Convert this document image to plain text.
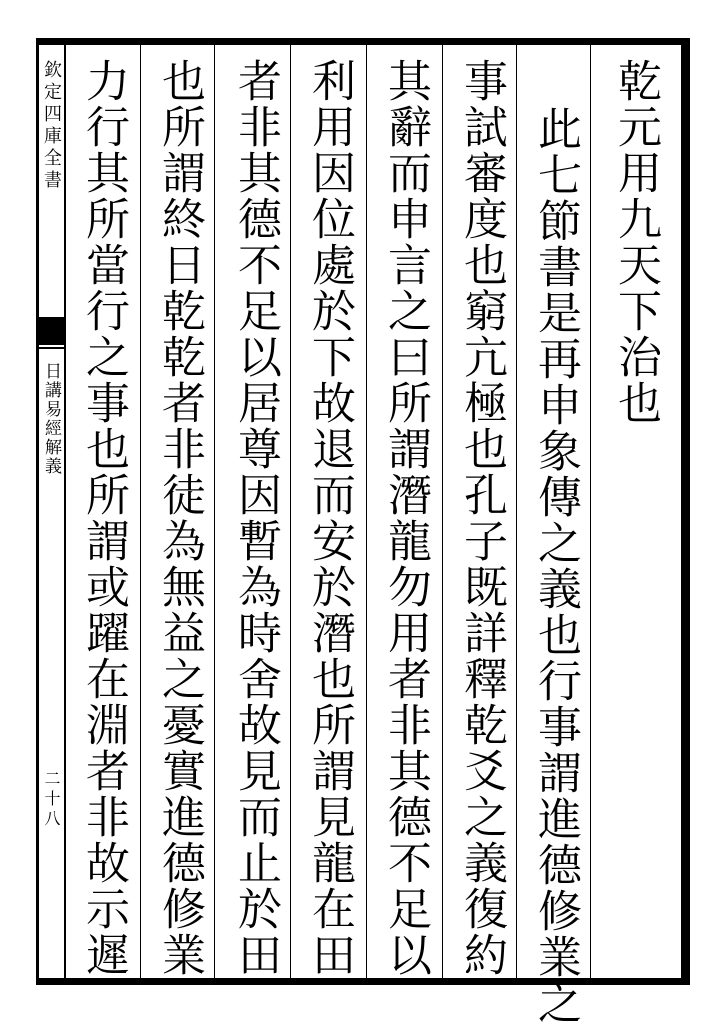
欽定四庫全書
日講易經解義
二十八
乾元用九天下治也
此七節書是再申象傳之義也行事謂進德修業之
事試審度也窮亢極也孔子既詳釋乾爻之義復約
其辭而申言之曰所謂潛龍勿用者非其德不足以
利用因位處於下故退而安於潛也所謂見龍在田
者非其德不足以居尊因暫為時舍故見而止於田
也所謂終日乾乾者非徒為無益之憂實進德修業
力行其所當行之事也所謂或躍在淵者非故示遲
